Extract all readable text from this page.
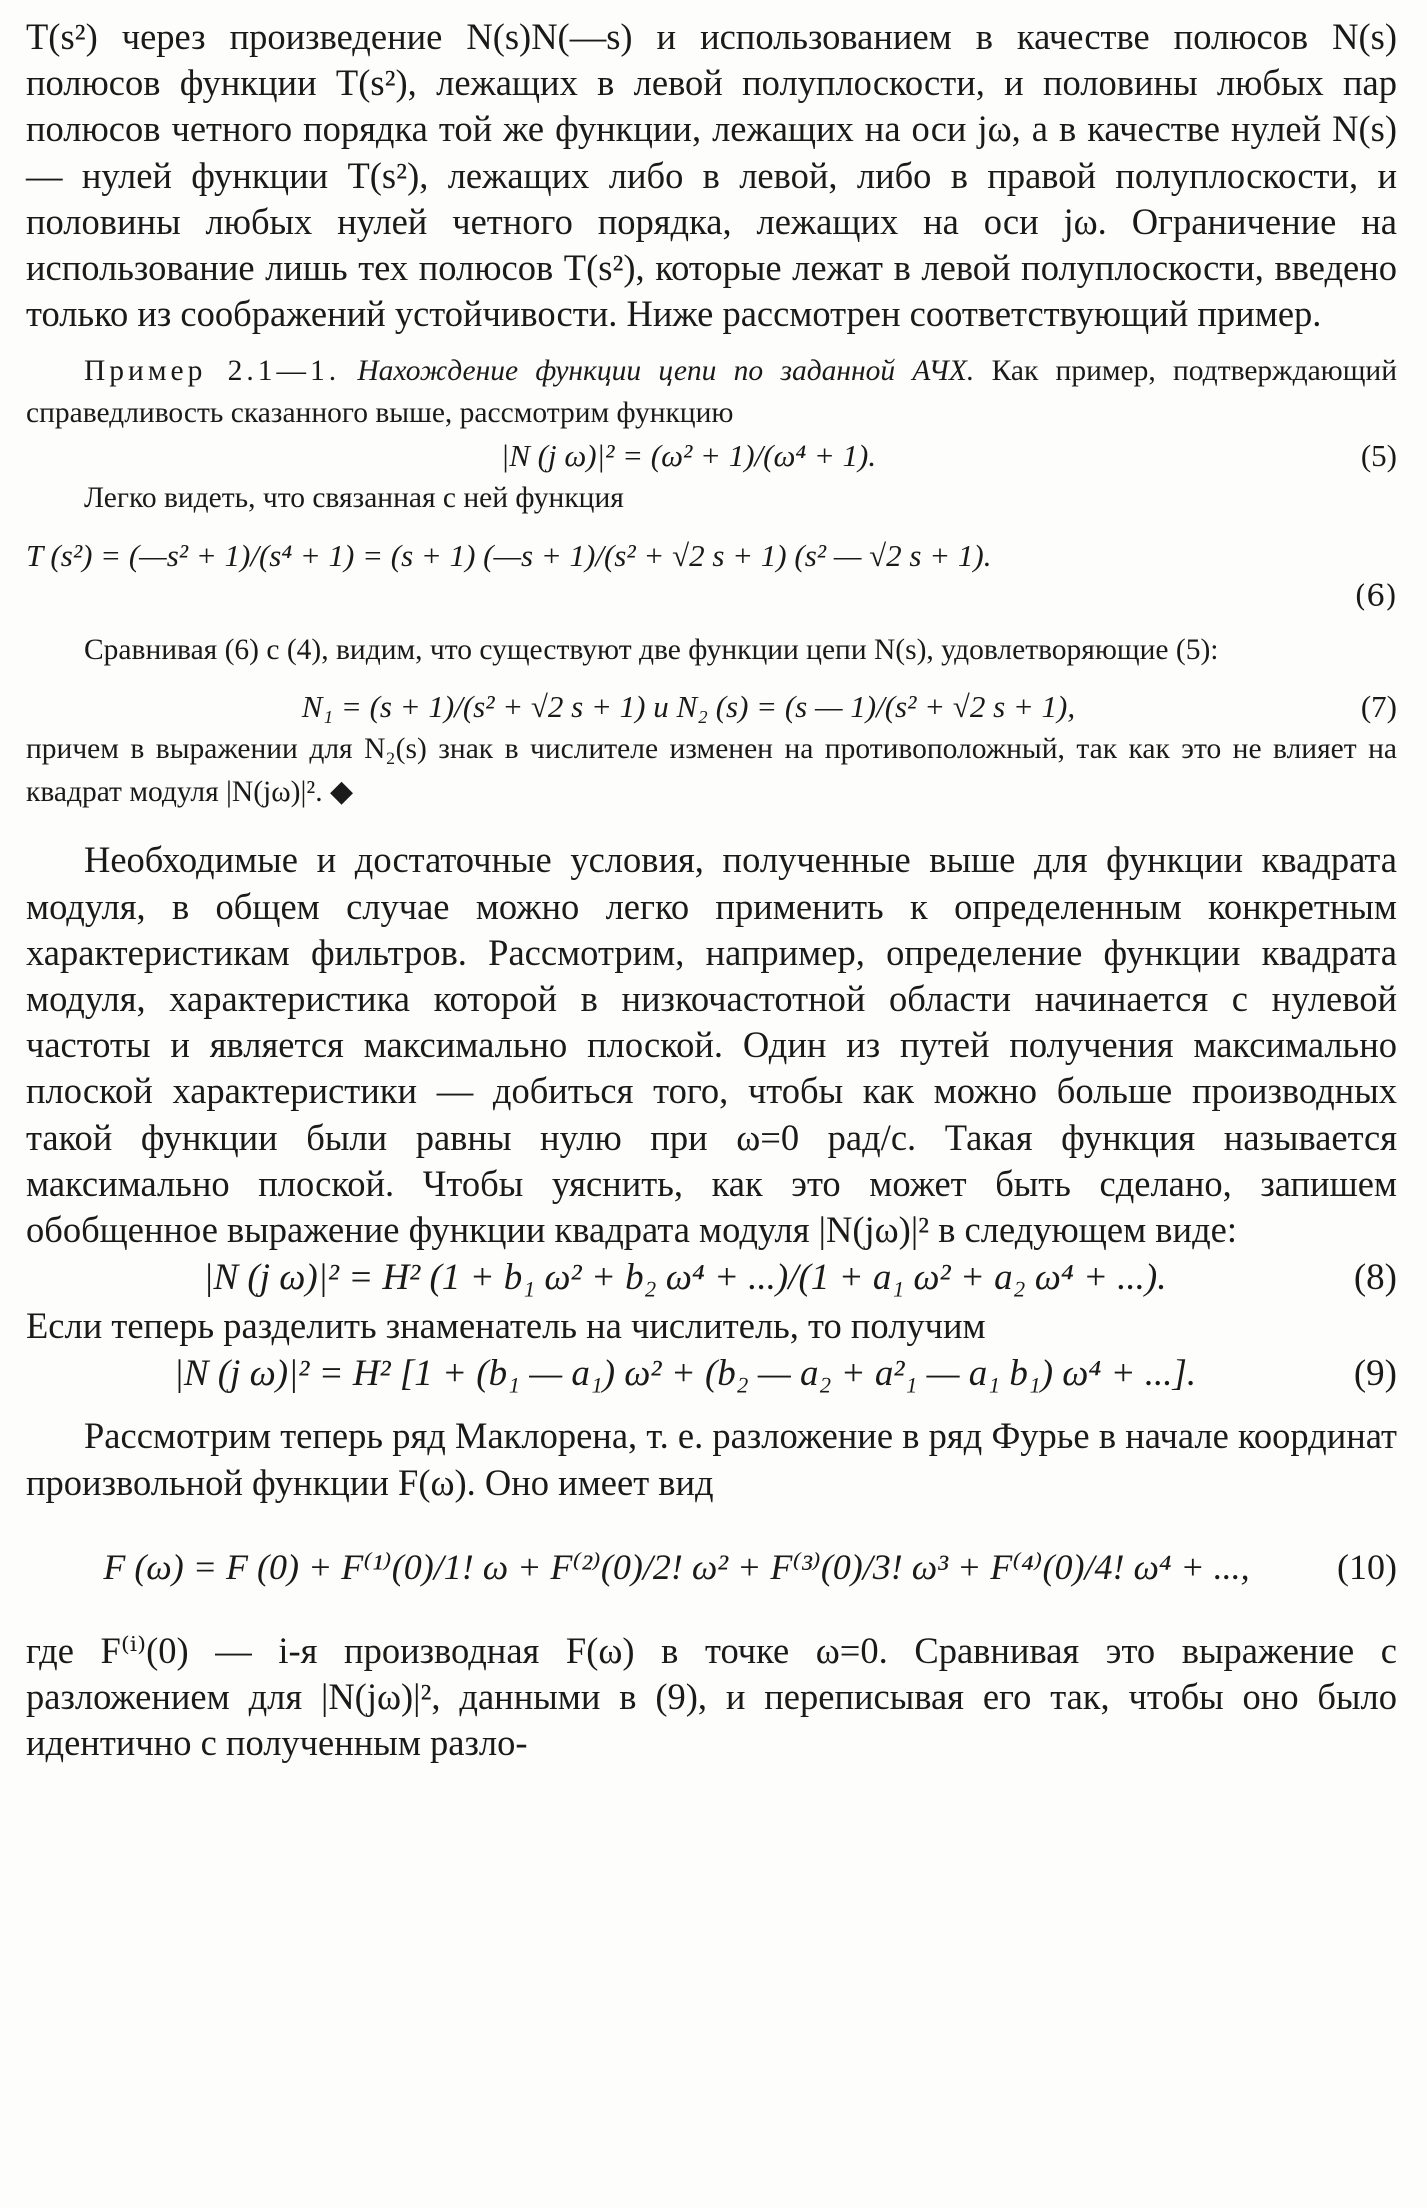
T(s²) через произведение N(s)N(—s) и использованием в качестве полюсов N(s) полюсов функции T(s²), лежащих в левой полуплоскости, и половины любых пар полюсов четного порядка той же функции, лежащих на оси jω, а в качестве нулей N(s) — нулей функции T(s²), лежащих либо в левой, либо в правой полуплоскости, и половины любых нулей четного порядка, лежащих на оси jω. Ограничение на использование лишь тех полюсов T(s²), которые лежат в левой полуплоскости, введено только из соображений устойчивости. Ниже рассмотрен соответствующий пример.

Пример 2.1—1. Нахождение функции цепи по заданной АЧХ. Как пример, подтверждающий справедливость сказанного выше, рассмотрим функцию

|N (j ω)|² = (ω² + 1)/(ω⁴ + 1).	(5)

Легко видеть, что связанная с ней функция

T (s²) = (—s² + 1)/(s⁴ + 1) = (s + 1) (—s + 1)/(s² + √2 s + 1) (s² — √2 s + 1).
(6)

Сравнивая (6) с (4), видим, что существуют две функции цепи N(s), удовлетворяющие (5):

N₁ = (s + 1)/(s² + √2 s + 1) и N₂ (s) = (s — 1)/(s² + √2 s + 1),	(7)

причем в выражении для N₂(s) знак в числителе изменен на противоположный, так как это не влияет на квадрат модуля |N(jω)|². ◆

Необходимые и достаточные условия, полученные выше для функции квадрата модуля, в общем случае можно легко применить к определенным конкретным характеристикам фильтров. Рассмотрим, например, определение функции квадрата модуля, характеристика которой в низкочастотной области начинается с нулевой частоты и является максимально плоской. Один из путей получения максимально плоской характеристики — добиться того, чтобы как можно больше производных такой функции были равны нулю при ω=0 рад/с. Такая функция называется максимально плоской. Чтобы уяснить, как это может быть сделано, запишем обобщенное выражение функции квадрата модуля |N(jω)|² в следующем виде:

|N (j ω)|² = H² (1 + b₁ ω² + b₂ ω⁴ + ...)/(1 + a₁ ω² + a₂ ω⁴ + ...).	(8)

Если теперь разделить знаменатель на числитель, то получим

|N (j ω)|² = H² [1 + (b₁ — a₁) ω² + (b₂ — a₂ + a²₁ — a₁ b₁) ω⁴ + ...].	(9)

Рассмотрим теперь ряд Маклорена, т. е. разложение в ряд Фурье в начале координат произвольной функции F(ω). Оно имеет вид

F (ω) = F (0) + F⁽¹⁾(0)/1! ω + F⁽²⁾(0)/2! ω² + F⁽³⁾(0)/3! ω³ + F⁽⁴⁾(0)/4! ω⁴ + ...,	(10)

где F⁽ⁱ⁾(0) — i-я производная F(ω) в точке ω=0. Сравнивая это выражение с разложением для |N(jω)|², данными в (9), и переписывая его так, чтобы оно было идентично с полученным разло-
